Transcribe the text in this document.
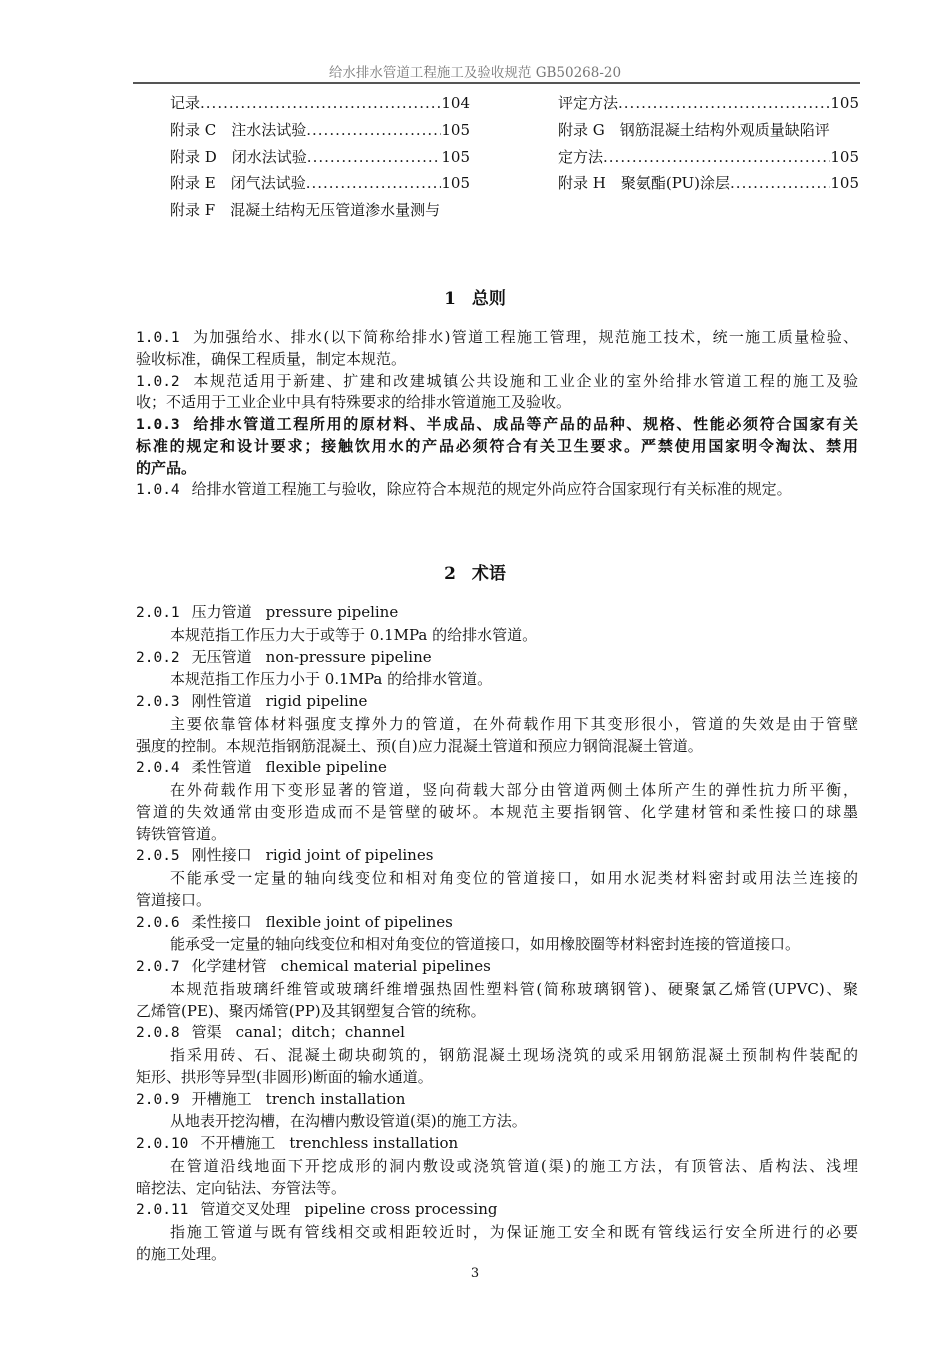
给水排水管道工程施工及验收规范 GB50268-20
记录 .....	104
附录 C　注水法试验 .....	105
附录 D　闭水法试验 .....	105
附录 E　闭气法试验 .....	105
附录 F　混凝土结构无压管道渗水量测与
评定方法 .....	105
附录 G　钢筋混凝土结构外观质量缺陷评
定方法 .....	105
附录 H　聚氨酯(PU)涂层 .....	105
1 总则
1.0.1 为加强给水、排水(以下简称给排水)管道工程施工管理，规范施工技术，统一施工质量检验、
验收标准，确保工程质量，制定本规范。
1.0.2 本规范适用于新建、扩建和改建城镇公共设施和工业企业的室外给排水管道工程的施工及验
收；不适用于工业企业中具有特殊要求的给排水管道施工及验收。
1.0.3 给排水管道工程所用的原材料、半成品、成品等产品的品种、规格、性能必须符合国家有关
标准的规定和设计要求；接触饮用水的产品必须符合有关卫生要求。严禁使用国家明令淘汰、禁用
的产品。
1.0.4 给排水管道工程施工与验收，除应符合本规范的规定外尚应符合国家现行有关标准的规定。
2 术语
2.0.1 压力管道 pressure pipeline
本规范指工作压力大于或等于 0.1MPa 的给排水管道。
2.0.2 无压管道 non-pressure pipeline
本规范指工作压力小于 0.1MPa 的给排水管道。
2.0.3 刚性管道 rigid pipeline
主要依靠管体材料强度支撑外力的管道，在外荷载作用下其变形很小，管道的失效是由于管壁
强度的控制。本规范指钢筋混凝土、预(自)应力混凝土管道和预应力钢筒混凝土管道。
2.0.4 柔性管道 flexible pipeline
在外荷载作用下变形显著的管道，竖向荷载大部分由管道两侧土体所产生的弹性抗力所平衡，
管道的失效通常由变形造成而不是管壁的破坏。本规范主要指钢管、化学建材管和柔性接口的球墨
铸铁管管道。
2.0.5 刚性接口 rigid joint of pipelines
不能承受一定量的轴向线变位和相对角变位的管道接口，如用水泥类材料密封或用法兰连接的
管道接口。
2.0.6 柔性接口 flexible joint of pipelines
能承受一定量的轴向线变位和相对角变位的管道接口，如用橡胶圈等材料密封连接的管道接口。
2.0.7 化学建材管 chemical material pipelines
本规范指玻璃纤维管或玻璃纤维增强热固性塑料管(简称玻璃钢管)、硬聚氯乙烯管(UPVC)、聚
乙烯管(PE)、聚丙烯管(PP)及其钢塑复合管的统称。
2.0.8 管渠 canal；ditch；channel
指采用砖、石、混凝土砌块砌筑的，钢筋混凝土现场浇筑的或采用钢筋混凝土预制构件装配的
矩形、拱形等异型(非圆形)断面的输水通道。
2.0.9 开槽施工 trench installation
从地表开挖沟槽，在沟槽内敷设管道(渠)的施工方法。
2.0.10 不开槽施工 trenchless installation
在管道沿线地面下开挖成形的洞内敷设或浇筑管道(渠)的施工方法，有顶管法、盾构法、浅埋
暗挖法、定向钻法、夯管法等。
2.0.11 管道交叉处理 pipeline cross processing
指施工管道与既有管线相交或相距较近时，为保证施工安全和既有管线运行安全所进行的必要
的施工处理。
3
